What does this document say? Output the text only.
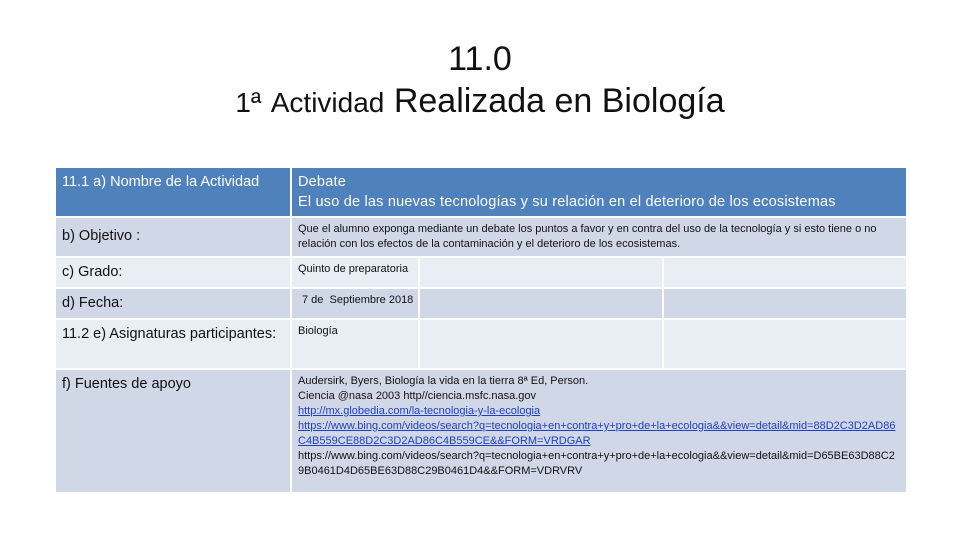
11.0
1ª Actividad Realizada en Biología
11.1 a) Nombre de la Actividad	Debate
El uso de las nuevas tecnologías y su relación en el deterioro de los ecosistemas		

b) Objetivo :	Que el alumno exponga mediante un debate los puntos a favor y en contra del uso de la tecnología y si esto tiene o no relación con los efectos de la contaminación y el deterioro de los ecosistemas.		
c) Grado:	Quinto de preparatoria		
d) Fecha:	7 de  Septiembre 2018		
11.2 e) Asignaturas participantes:	Biología		
f) Fuentes de apoyo	Audersirk, Byers, Biología la vida en la tierra 8ª Ed, Person.
Ciencia @nasa 2003 http//ciencia.msfc.nasa.gov
http://mx.globedia.com/la-tecnologia-y-la-ecologia
https://www.bing.com/videos/search?q=tecnologia+en+contra+y+pro+de+la+ecologia&&view=detail&mid=88D2C3D2AD86C4B559CE88D2C3D2AD86C4B559CE&&FORM=VRDGAR
https://www.bing.com/videos/search?q=tecnologia+en+contra+y+pro+de+la+ecologia&&view=detail&mid=D65BE63D88C29B0461D4D65BE63D88C29B0461D4&&FORM=VDRVRV		
